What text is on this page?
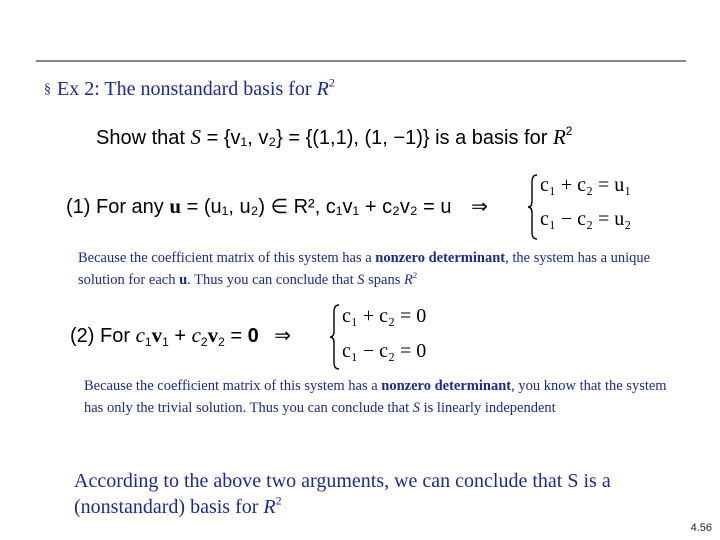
§ Ex 2: The nonstandard basis for $R^2$
Show that S = {v₁, v₂} = {(1,1), (1, −1)} is a basis for $R^2$
(1) For any u = (u₁, u₂) ∈ R², c₁v₁ + c₂v₂ = u ⇒
c₁ + c₂ = u₁
c₁ − c₂ = u₂
Because the coefficient matrix of this system has a nonzero determinant, the system has a unique solution for each u. Thus you can conclude that S spans $R^2$
(2) For $c_1v_1 + c_2v_2 = 0$ ⇒
c₁ + c₂ = 0
c₁ − c₂ = 0
Because the coefficient matrix of this system has a nonzero determinant, you know that the system has only the trivial solution. Thus you can conclude that S is linearly independent
According to the above two arguments, we can conclude that S is a (nonstandard) basis for $R^2$
4.56
